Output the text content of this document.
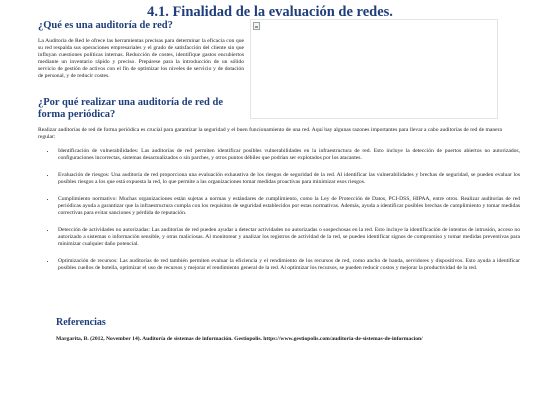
4.1. Finalidad de la evaluación de redes.
¿Qué es una auditoría de red?

La Auditoría de Red le ofrece las herramientas precisas para determinar la eficacia con que su red respalda sus operaciones empresariales y el grado de satisfacción del cliente sin que influyan cuestiones políticas internas. Reducción de costes, identifique gastos encubiertos mediante un inventario rápido y preciso. Prepárese para la introducción de un sólido servicio de gestión de activos con el fin de optimizar los niveles de servicio y de dotación de personal, y de reducir costes.

¿Por qué realizar una auditoría de red de forma periódica?

Realizar auditorías de red de forma periódica es crucial para garantizar la seguridad y el buen funcionamiento de una red. Aquí hay algunas razones importantes para llevar a cabo auditorías de red de manera regular:

• Identificación de vulnerabilidades: Las auditorías de red permiten identificar posibles vulnerabilidades en la infraestructura de red. Esto incluye la detección de puertos abiertos no autorizados, configuraciones incorrectas, sistemas desactualizados o sin parches, y otros puntos débiles que podrían ser explotados por los atacantes.
• Evaluación de riesgos: Una auditoría de red proporciona una evaluación exhaustiva de los riesgos de seguridad de la red. Al identificar las vulnerabilidades y brechas de seguridad, se pueden evaluar los posibles riesgos a los que está expuesta la red, lo que permite a las organizaciones tomar medidas proactivas para minimizar esos riesgos.
• Cumplimiento normativo: Muchas organizaciones están sujetas a normas y estándares de cumplimiento, como la Ley de Protección de Datos, PCI-DSS, HIPAA, entre otros. Realizar auditorías de red periódicas ayuda a garantizar que la infraestructura cumpla con los requisitos de seguridad establecidos por estas normativas. Además, ayuda a identificar posibles brechas de cumplimiento y tomar medidas correctivas para evitar sanciones y pérdida de reputación.
• Detección de actividades no autorizadas: Las auditorías de red pueden ayudar a detectar actividades no autorizadas o sospechosas en la red. Esto incluye la identificación de intentos de intrusión, acceso no autorizado a sistemas o información sensible, y otras maliciosas. Al monitorear y analizar los registros de actividad de la red, se pueden identificar signos de compromiso y tomar medidas preventivas para minimizar cualquier daño potencial.
• Optimización de recursos: Las auditorías de red también permiten evaluar la eficiencia y el rendimiento de los recursos de red, como ancho de banda, servidores y dispositivos. Esto ayuda a identificar posibles cuellos de botella, optimizar el uso de recursos y mejorar el rendimiento general de la red. Al optimizar los recursos, se pueden reducir costos y mejorar la productividad de la red.
Referencias

Margarita, B. (2012, November 14). Auditoría de sistemas de información. Gestiopolis. https://www.gestiopolis.com/auditoria-de-sistemas-de-informacion/
